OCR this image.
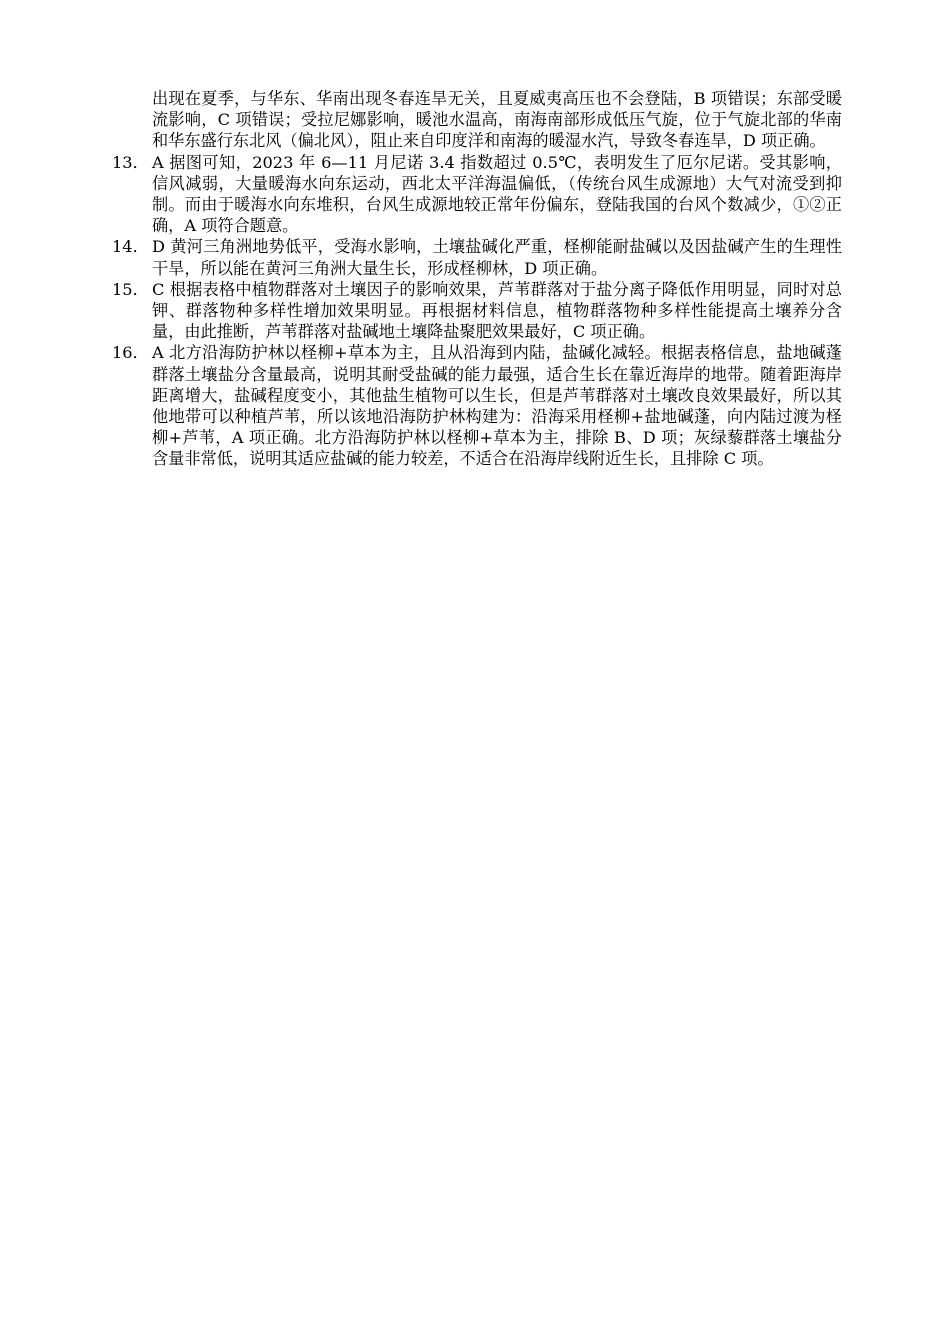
出现在夏季，与华东、华南出现冬春连旱无关，且夏威夷高压也不会登陆，B 项错误；东部受暖流影响，C 项错误；受拉尼娜影响，暖池水温高，南海南部形成低压气旋，位于气旋北部的华南和华东盛行东北风（偏北风），阻止来自印度洋和南海的暖湿水汽，导致冬春连旱，D 项正确。
13． A 据图可知，2023 年 6—11 月尼诺 3.4 指数超过 0.5℃，表明发生了厄尔尼诺。受其影响，信风减弱，大量暖海水向东运动，西北太平洋海温偏低，（传统台风生成源地）大气对流受到抑制。而由于暖海水向东堆积，台风生成源地较正常年份偏东，登陆我国的台风个数减少，①②正确，A 项符合题意。
14． D 黄河三角洲地势低平，受海水影响，土壤盐碱化严重，柽柳能耐盐碱以及因盐碱产生的生理性干旱，所以能在黄河三角洲大量生长，形成柽柳林，D 项正确。
15． C 根据表格中植物群落对土壤因子的影响效果，芦苇群落对于盐分离子降低作用明显，同时对总钾、群落物种多样性增加效果明显。再根据材料信息，植物群落物种多样性能提高土壤养分含量，由此推断，芦苇群落对盐碱地土壤降盐聚肥效果最好，C 项正确。
16． A 北方沿海防护林以柽柳+草本为主，且从沿海到内陆，盐碱化减轻。根据表格信息，盐地碱蓬群落土壤盐分含量最高，说明其耐受盐碱的能力最强，适合生长在靠近海岸的地带。随着距海岸距离增大，盐碱程度变小，其他盐生植物可以生长，但是芦苇群落对土壤改良效果最好，所以其他地带可以种植芦苇，所以该地沿海防护林构建为：沿海采用柽柳+盐地碱蓬，向内陆过渡为柽柳+芦苇，A 项正确。北方沿海防护林以柽柳+草本为主，排除 B、D 项；灰绿藜群落土壤盐分含量非常低，说明其适应盐碱的能力较差，不适合在沿海岸线附近生长，且排除 C 项。
